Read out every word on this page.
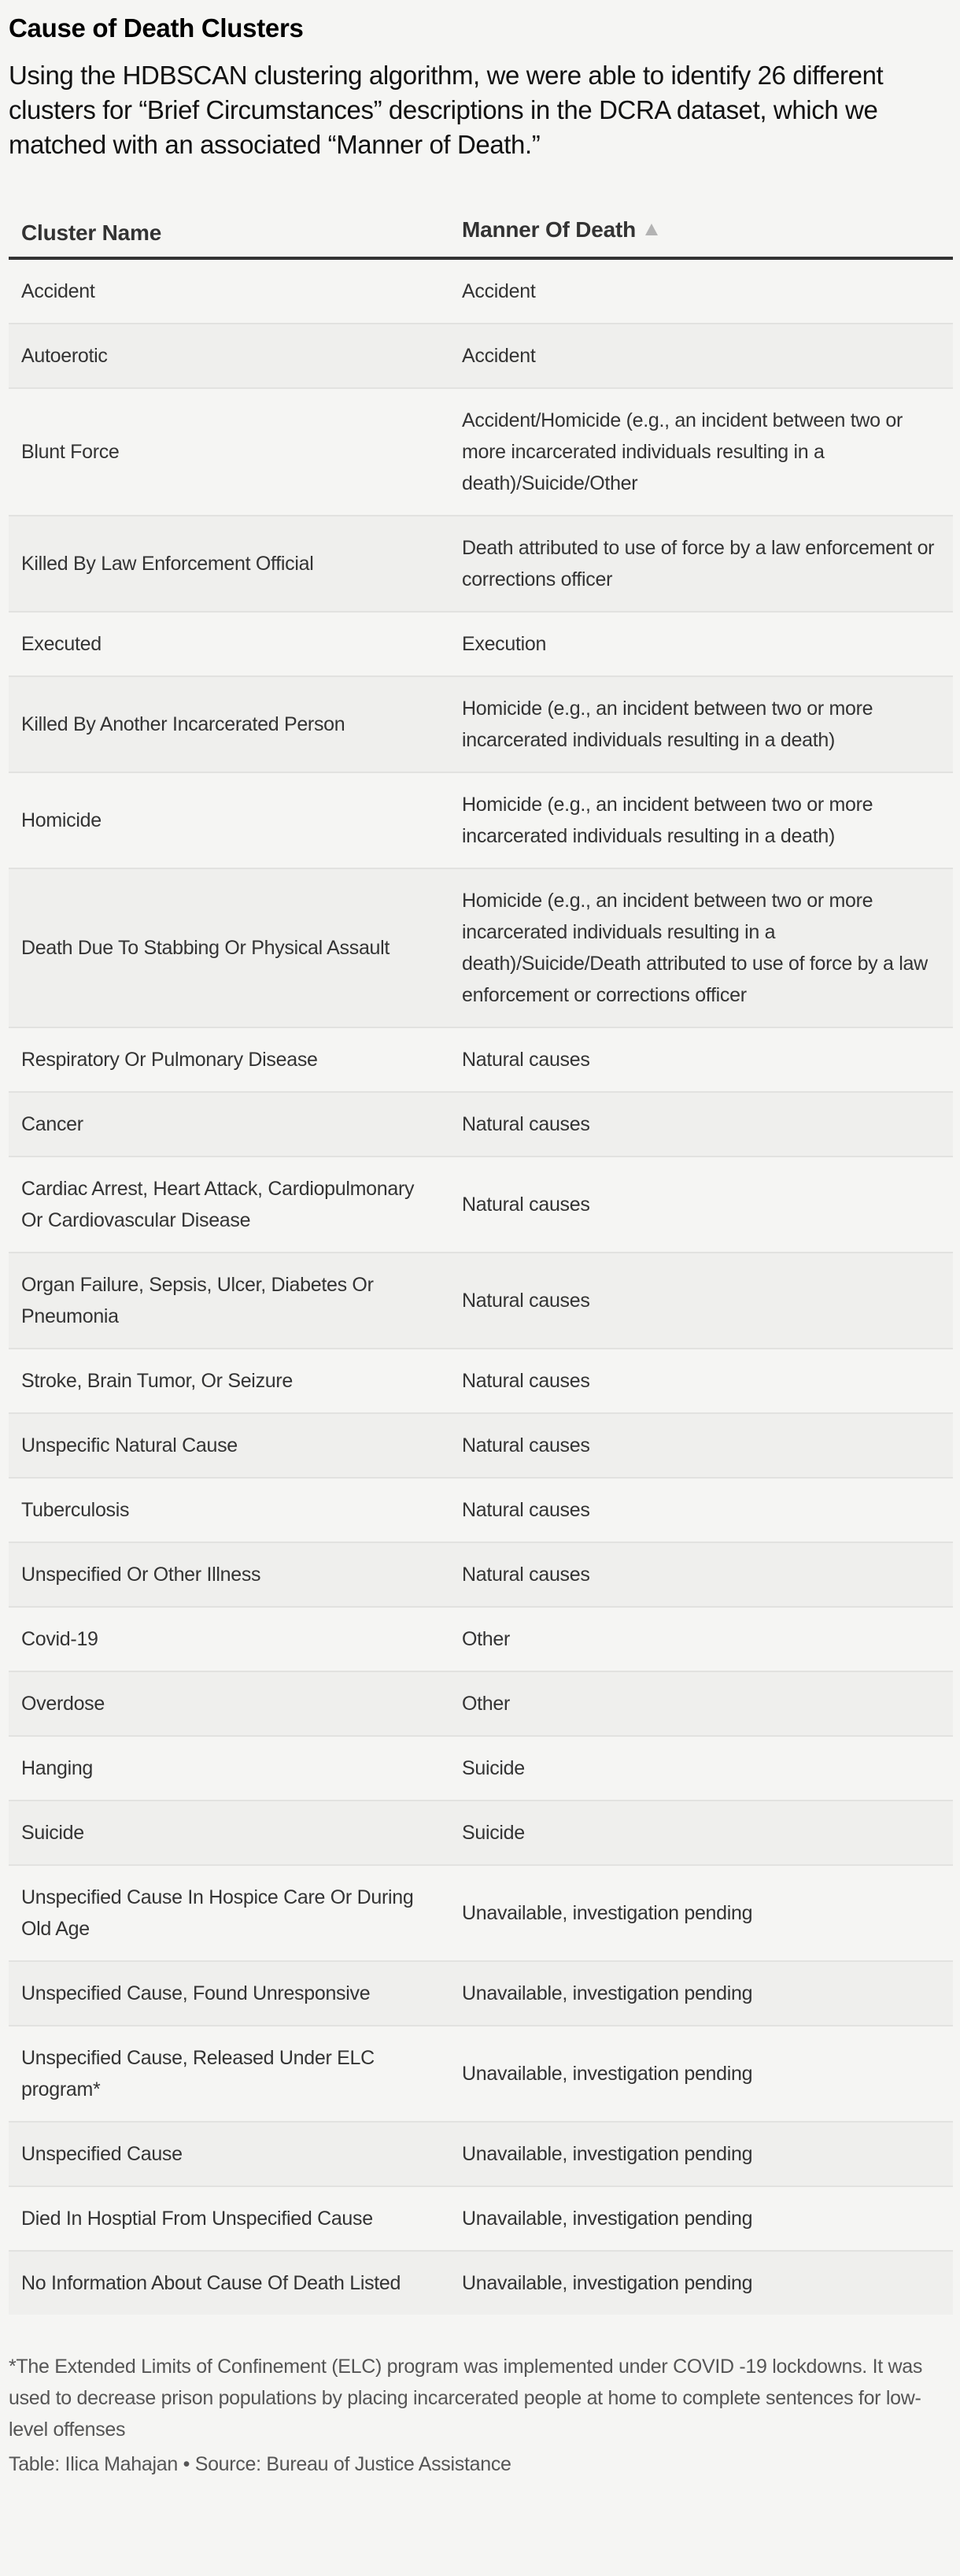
Cause of Death Clusters
Using the HDBSCAN clustering algorithm, we were able to identify 26 different clusters for “Brief Circumstances” descriptions in the DCRA dataset, which we matched with an associated “Manner of Death.”
Cluster Name	Manner Of Death
Accident	Accident
Autoerotic	Accident
Blunt Force	Accident/Homicide (e.g., an incident between two or more incarcerated individuals resulting in a death)/Suicide/Other
Killed By Law Enforcement Official	Death attributed to use of force by a law enforcement or corrections officer
Executed	Execution
Killed By Another Incarcerated Person	Homicide (e.g., an incident between two or more incarcerated individuals resulting in a death)
Homicide	Homicide (e.g., an incident between two or more incarcerated individuals resulting in a death)
Death Due To Stabbing Or Physical Assault	Homicide (e.g., an incident between two or more incarcerated individuals resulting in a death)/Suicide/Death attributed to use of force by a law enforcement or corrections officer
Respiratory Or Pulmonary Disease	Natural causes
Cancer	Natural causes
Cardiac Arrest, Heart Attack, Cardiopulmonary Or Cardiovascular Disease	Natural causes
Organ Failure, Sepsis, Ulcer, Diabetes Or Pneumonia	Natural causes
Stroke, Brain Tumor, Or Seizure	Natural causes
Unspecific Natural Cause	Natural causes
Tuberculosis	Natural causes
Unspecified Or Other Illness	Natural causes
Covid-19	Other
Overdose	Other
Hanging	Suicide
Suicide	Suicide
Unspecified Cause In Hospice Care Or During Old Age	Unavailable, investigation pending
Unspecified Cause, Found Unresponsive	Unavailable, investigation pending
Unspecified Cause, Released Under ELC program*	Unavailable, investigation pending
Unspecified Cause	Unavailable, investigation pending
Died In Hosptial From Unspecified Cause	Unavailable, investigation pending
No Information About Cause Of Death Listed	Unavailable, investigation pending
*The Extended Limits of Confinement (ELC) program was implemented under COVID -19 lockdowns. It was used to decrease prison populations by placing incarcerated people at home to complete sentences for low-level offenses
Table: Ilica Mahajan • Source: Bureau of Justice Assistance
